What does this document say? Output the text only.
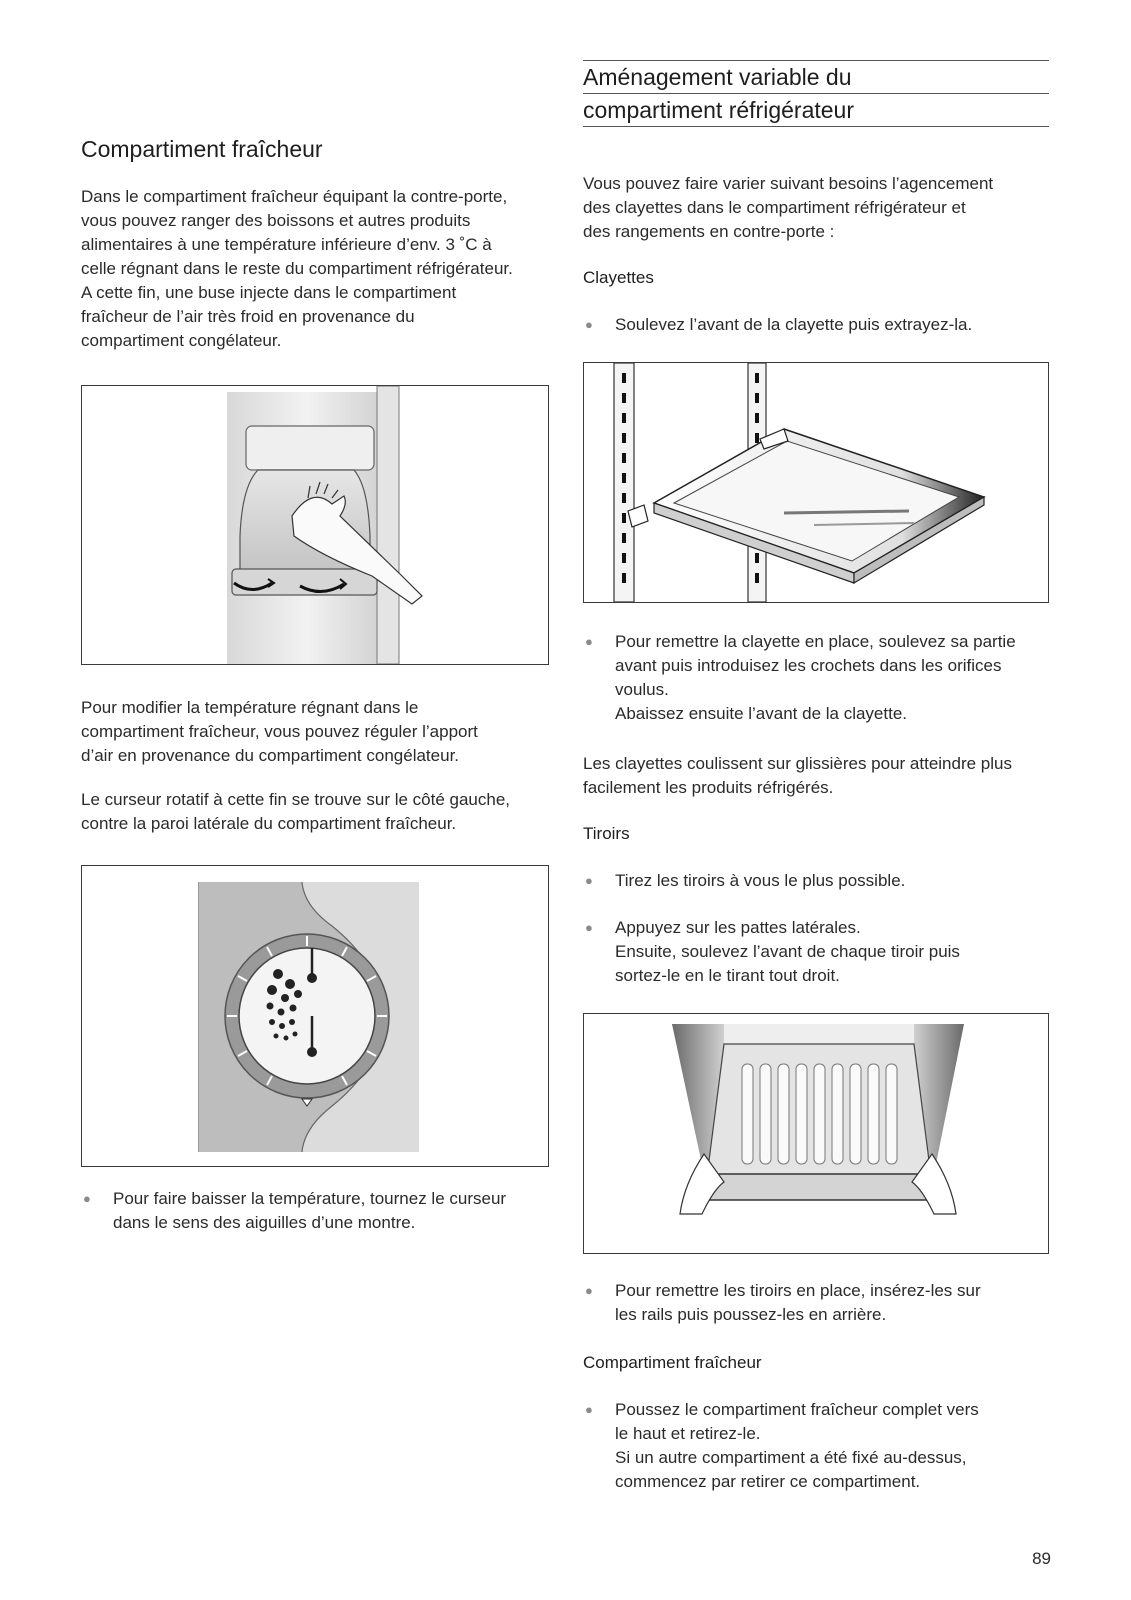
Compartiment fraîcheur

Dans le compartiment fraîcheur équipant la contre-porte,

vous pouvez ranger des boissons et autres produits

alimentaires à une température inférieure d’env. 3 ˚C à

celle régnant dans le reste du compartiment réfrigérateur.

A cette fin, une buse injecte dans le compartiment

fraîcheur de l’air très froid en provenance du

compartiment congélateur.

Pour modifier la température régnant dans le

compartiment fraîcheur, vous pouvez réguler l’apport

d’air en provenance du compartiment congélateur.

Le curseur rotatif à cette fin se trouve sur le côté gauche,

contre la paroi latérale du compartiment fraîcheur.

● Pour faire baisser la température, tournez le curseur
dans le sens des aiguilles d’une montre.
Aménagement variable du
compartiment réfrigérateur

Vous pouvez faire varier suivant besoins l’agencement

des clayettes dans le compartiment réfrigérateur et

des rangements en contre-porte :

Clayettes

● Soulevez l’avant de la clayette puis extrayez-la.
● Pour remettre la clayette en place, soulevez sa partie
avant puis introduisez les crochets dans les orifices
voulus.
Abaissez ensuite l’avant de la clayette.

Les clayettes coulissent sur glissières pour atteindre plus

facilement les produits réfrigérés.

Tiroirs

● Tirez les tiroirs à vous le plus possible.
● Appuyez sur les pattes latérales.
Ensuite, soulevez l’avant de chaque tiroir puis
sortez-le en le tirant tout droit.
● Pour remettre les tiroirs en place, insérez-les sur
les rails puis poussez-les en arrière.

Compartiment fraîcheur

● Poussez le compartiment fraîcheur complet vers
le haut et retirez-le.
Si un autre compartiment a été fixé au-dessus,
commencez par retirer ce compartiment.
89
